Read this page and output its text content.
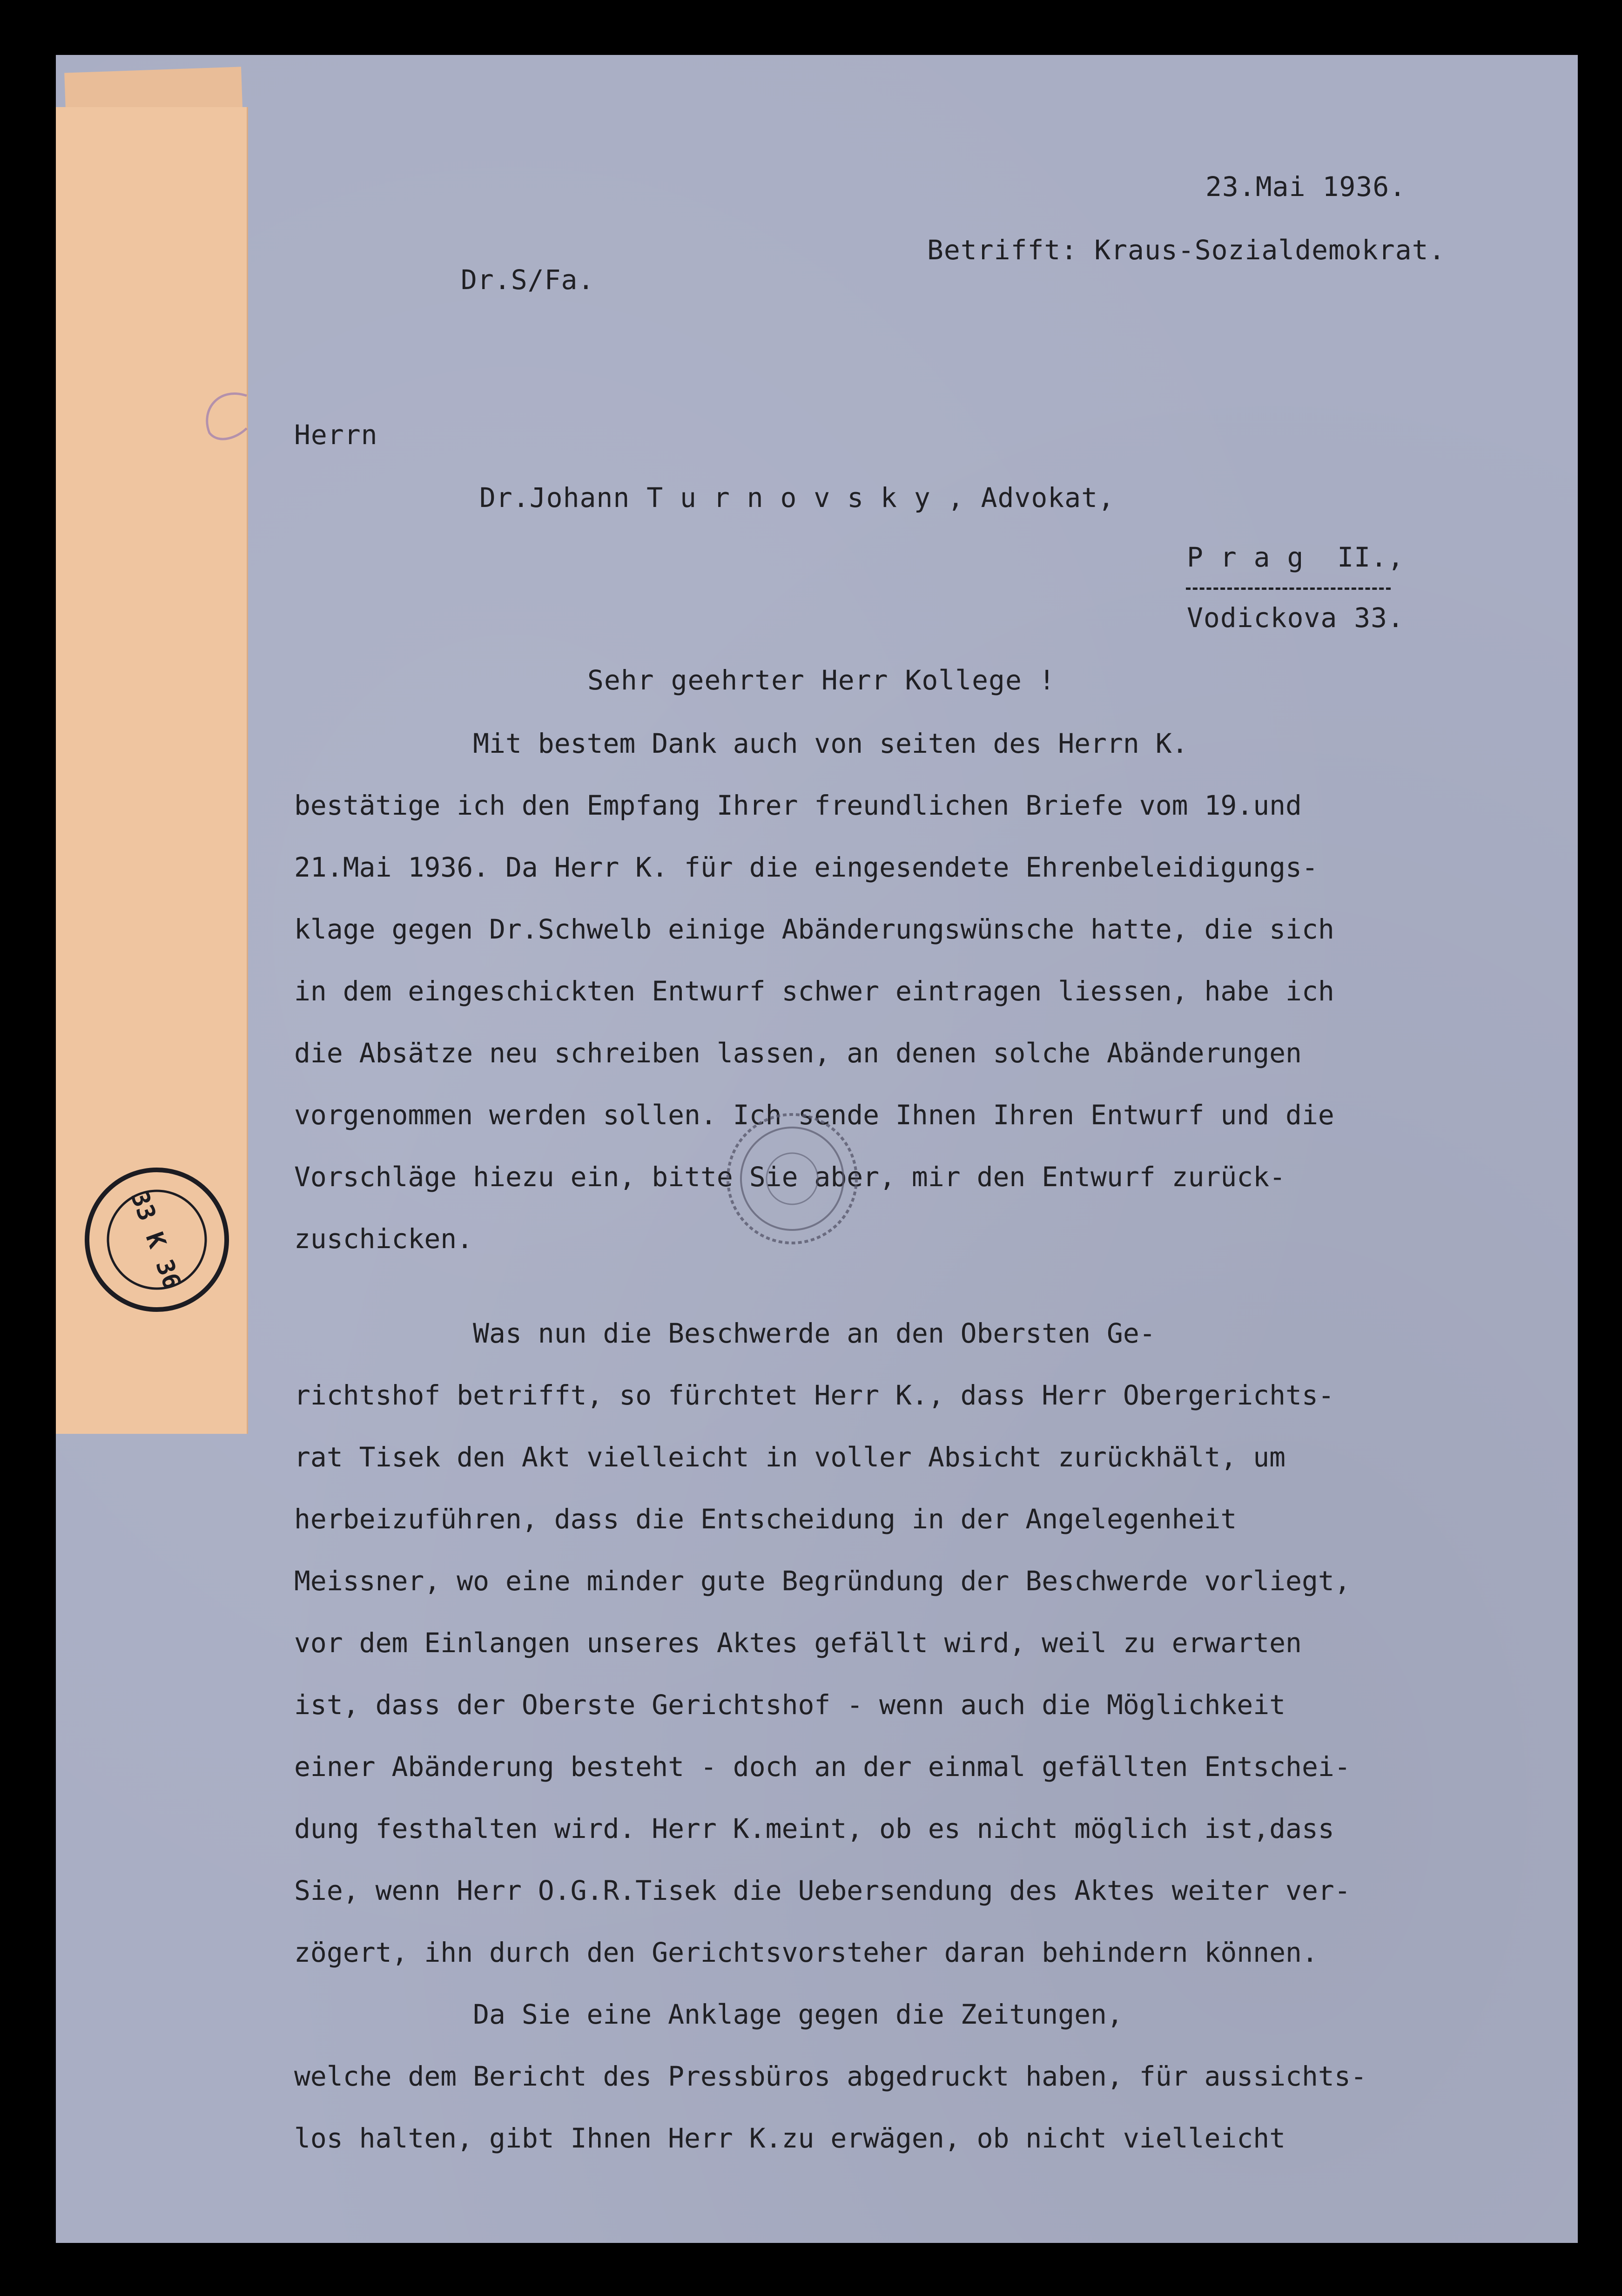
23.Mai 1936.
Betrifft: Kraus-Sozialdemokrat.
Dr.S/Fa.
Herrn
Dr.Johann T u r n o v s k y , Advokat,
P r a g  II.,
Vodickova 33.
Sehr geehrter Herr Kollege !
Mit bestem Dank auch von seiten des Herrn K.
bestätige ich den Empfang Ihrer freundlichen Briefe vom 19.und
21.Mai 1936. Da Herr K. für die eingesendete Ehrenbeleidigungs-
klage gegen Dr.Schwelb einige Abänderungswünsche hatte, die sich
in dem eingeschickten Entwurf schwer eintragen liessen, habe ich
die Absätze neu schreiben lassen, an denen solche Abänderungen
vorgenommen werden sollen. Ich sende Ihnen Ihren Entwurf und die
Vorschläge hiezu ein, bitte Sie aber, mir den Entwurf zurück-
zuschicken.
Was nun die Beschwerde an den Obersten Ge-
richtshof betrifft, so fürchtet Herr K., dass Herr Obergerichts-
rat Tisek den Akt vielleicht in voller Absicht zurückhält, um
herbeizuführen, dass die Entscheidung in der Angelegenheit
Meissner, wo eine minder gute Begründung der Beschwerde vorliegt,
vor dem Einlangen unseres Aktes gefällt wird, weil zu erwarten
ist, dass der Oberste Gerichtshof - wenn auch die Möglichkeit
einer Abänderung besteht - doch an der einmal gefällten Entschei-
dung festhalten wird. Herr K.meint, ob es nicht möglich ist,dass
Sie, wenn Herr O.G.R.Tisek die Uebersendung des Aktes weiter ver-
zögert, ihn durch den Gerichtsvorsteher daran behindern können.
Da Sie eine Anklage gegen die Zeitungen,
welche dem Bericht des Pressbüros abgedruckt haben, für aussichts-
los halten, gibt Ihnen Herr K.zu erwägen, ob nicht vielleicht
33 K 36
